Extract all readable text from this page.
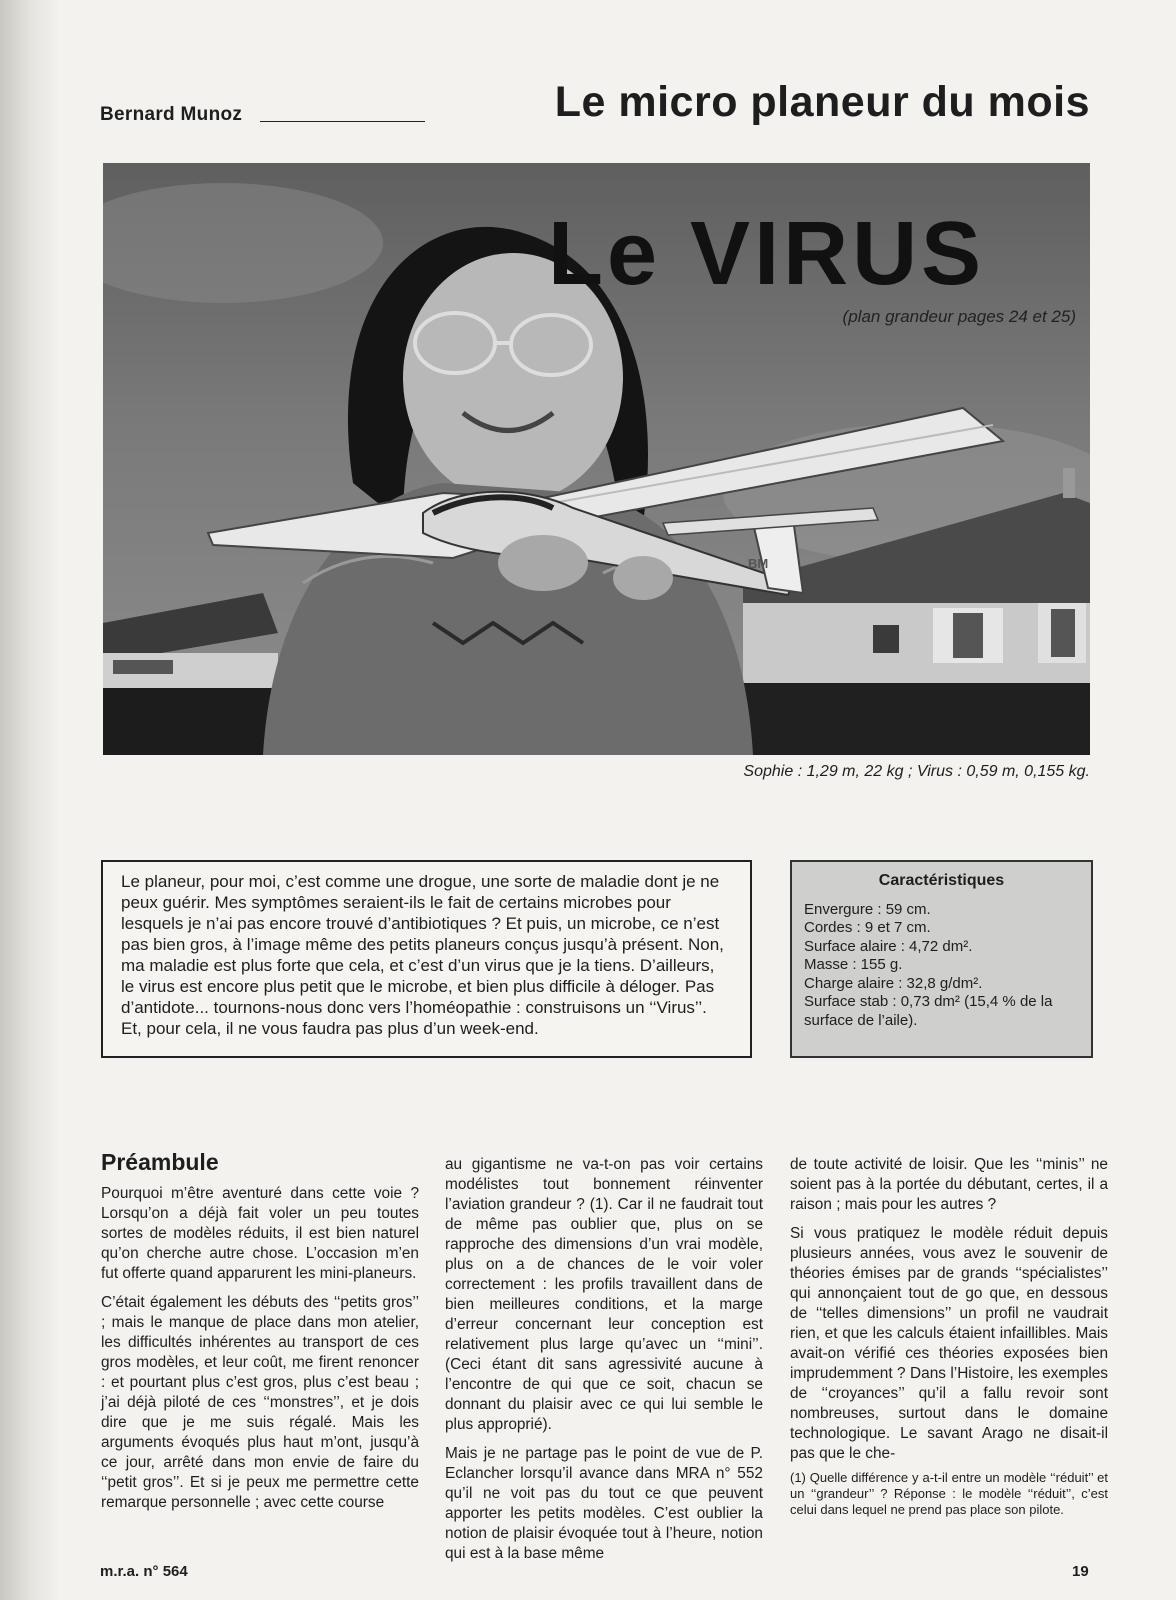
Bernard Munoz	Le micro planeur du mois
BM
Le VIRUS
(plan grandeur pages 24 et 25)
Sophie : 1,29 m, 22 kg ; Virus : 0,59 m, 0,155 kg.

Le planeur, pour moi, c’est comme une drogue, une sorte de maladie dont je ne peux guérir. Mes symptômes seraient-ils le fait de certains microbes pour lesquels je n’ai pas encore trouvé d’antibiotiques ? Et puis, un microbe, ce n’est pas bien gros, à l’image même des petits planeurs conçus jusqu’à présent. Non, ma maladie est plus forte que cela, et c’est d’un virus que je la tiens. D’ailleurs, le virus est encore plus petit que le microbe, et bien plus difficile à déloger. Pas d’antidote... tournons-nous donc vers l’homéopathie : construisons un ‘‘Virus’’.

Et, pour cela, il ne vous faudra pas plus d’un week-end.

Caractéristiques
Envergure : 59 cm.
Cordes : 9 et 7 cm.
Surface alaire : 4,72 dm².
Masse : 155 g.
Charge alaire : 32,8 g/dm².
Surface stab : 0,73 dm² (15,4 % de la surface de l’aile).
Préambule

Pourquoi m’être aventuré dans cette voie ? Lorsqu’on a déjà fait voler un peu toutes sortes de modèles réduits, il est bien naturel qu’on cherche autre chose. L’occasion m’en fut offerte quand apparurent les mini-planeurs.

C’était également les débuts des ‘‘petits gros’’ ; mais le manque de place dans mon atelier, les difficultés inhérentes au transport de ces gros modèles, et leur coût, me firent renoncer : et pourtant plus c’est gros, plus c’est beau ; j’ai déjà piloté de ces ‘‘monstres’’, et je dois dire que je me suis régalé. Mais les arguments évoqués plus haut m’ont, jusqu’à ce jour, arrêté dans mon envie de faire du ‘‘petit gros’’. Et si je peux me permettre cette remarque personnelle ; avec cette course

au gigantisme ne va-t-on pas voir certains modélistes tout bonnement réinventer l’aviation grandeur ? (1). Car il ne faudrait tout de même pas oublier que, plus on se rapproche des dimensions d’un vrai modèle, plus on a de chances de le voir voler correctement : les profils travaillent dans de bien meilleures conditions, et la marge d’erreur concernant leur conception est relativement plus large qu’avec un ‘‘mini’’. (Ceci étant dit sans agressivité aucune à l’encontre de qui que ce soit, chacun se donnant du plaisir avec ce qui lui semble le plus approprié).

Mais je ne partage pas le point de vue de P. Eclancher lorsqu’il avance dans MRA n° 552 qu’il ne voit pas du tout ce que peuvent apporter les petits modèles. C’est oublier la notion de plaisir évoquée tout à l’heure, notion qui est à la base même

de toute activité de loisir. Que les ‘‘minis’’ ne soient pas à la portée du débutant, certes, il a raison ; mais pour les autres ?

Si vous pratiquez le modèle réduit depuis plusieurs années, vous avez le souvenir de théories émises par de grands ‘‘spécialistes’’ qui annonçaient tout de go que, en dessous de ‘‘telles dimensions’’ un profil ne vaudrait rien, et que les calculs étaient infaillibles. Mais avait-on vérifié ces théories exposées bien imprudemment ? Dans l’Histoire, les exemples de ‘‘croyances’’ qu’il a fallu revoir sont nombreuses, surtout dans le domaine technologique. Le savant Arago ne disait-il pas que le che-

(1) Quelle différence y a-t-il entre un modèle ‘‘réduit’’ et un ‘‘grandeur’’ ? Réponse : le modèle ‘‘réduit’’, c’est celui dans lequel ne prend pas place son pilote.
m.r.a. n° 564	19
